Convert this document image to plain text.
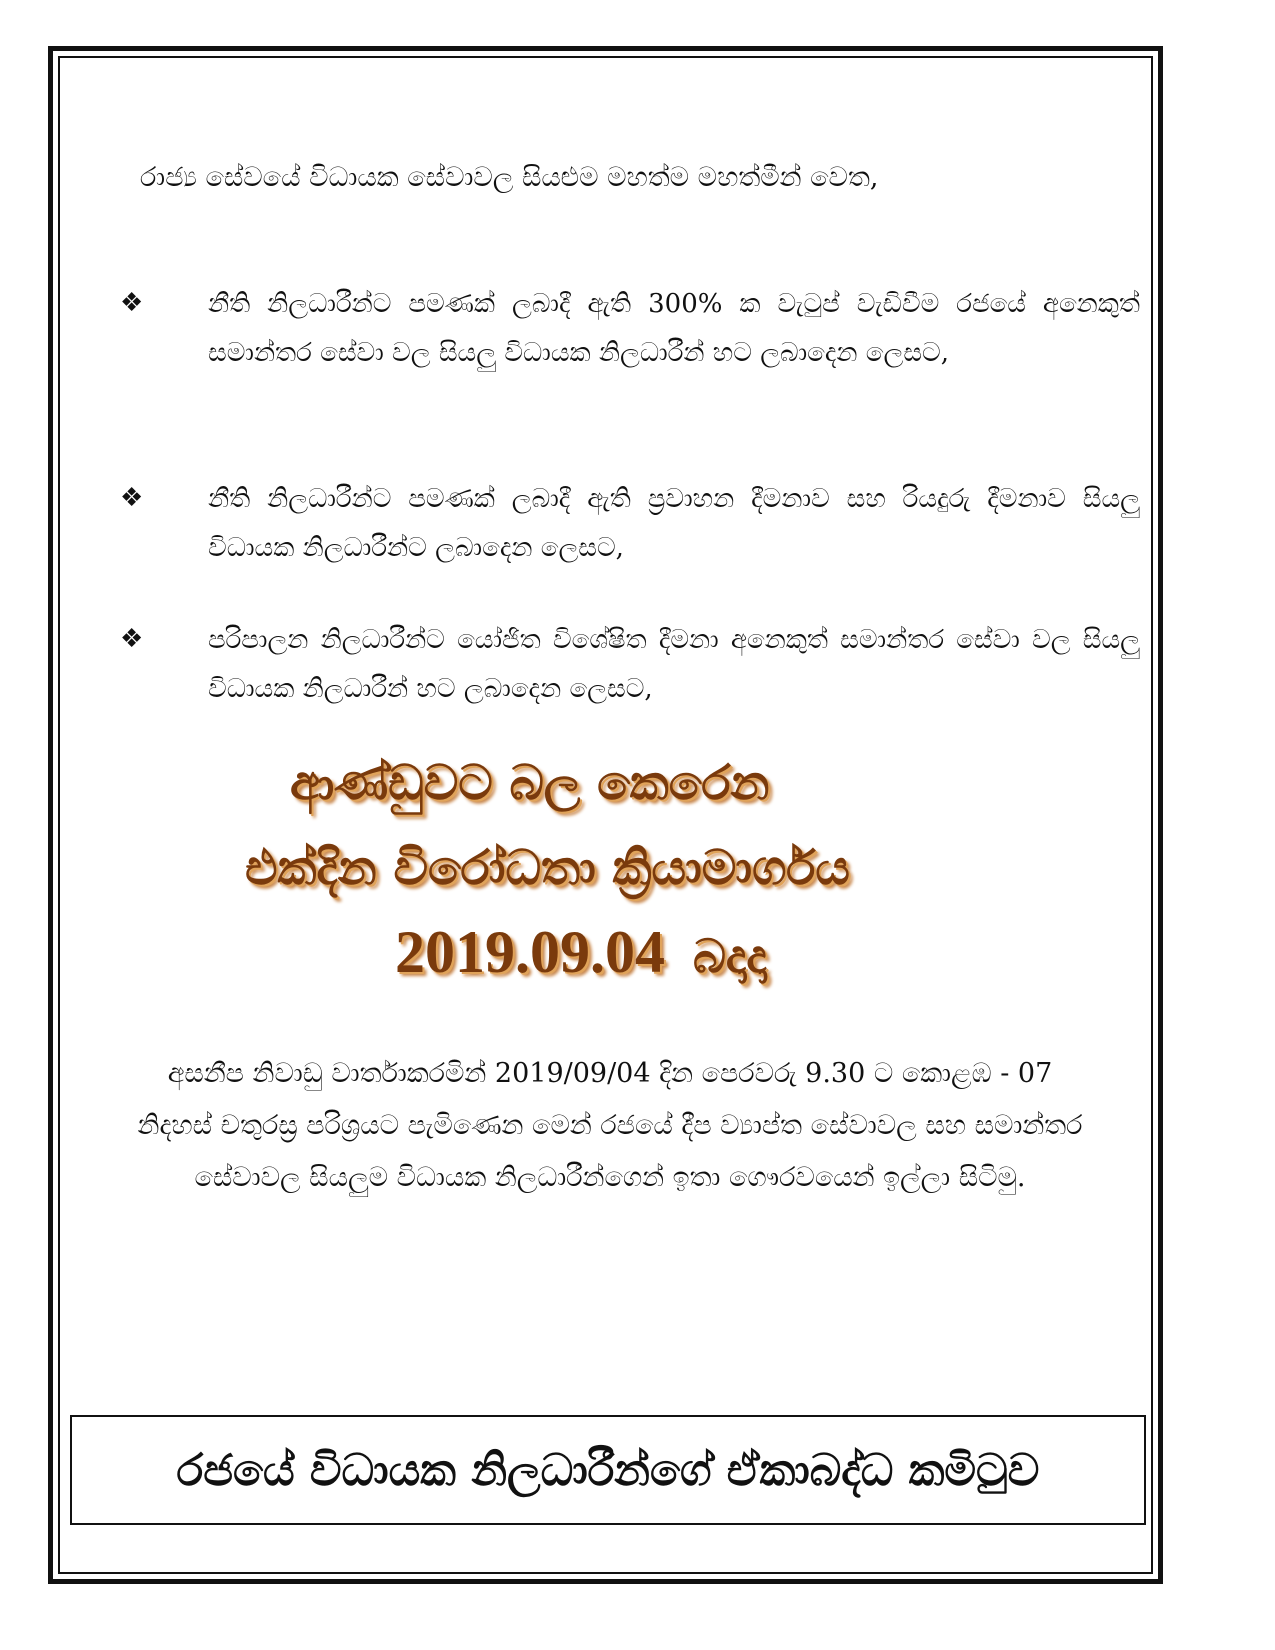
රාජ්‍ය සේවයේ විධායක සේවාවල සියළුම මහත්ම මහත්මීන් වෙත,

❖	නීති නිලධාරීන්ට පමණක් ලබාදී ඇති 300% ක වැටුප් වැඩිවීම රජයේ අනෙකුත් සමාන්තර සේවා වල සියලු විධායක නිලධාරීන් හට ලබාදෙන ලෙසට,

❖	නීති නිලධාරීන්ට පමණක් ලබාදී ඇති ප්‍රවාහන දීමනාව සහ රියදුරු දීමනාව සියලු විධායක නිලධාරීන්ට ලබාදෙන ලෙසට,

❖	පරිපාලන නිලධාරීන්ට යෝජිත විශේෂිත දීමනා අනෙකුත් සමාන්තර සේවා වල සියලු විධායක නිලධාරීන් හට ලබාදෙන ලෙසට,

ආණ්ඩුවට බල කෙරෙන
එක්දින විරෝධතා ක්‍රියාමාර්ගය
2019.09.04 බදාදා

අසනීප නිවාඩු වාර්තාකරමින් 2019/09/04 දින පෙරවරු 9.30 ට කොළඹ - 07 නිදහස් චතුරස්‍ර පරිශ්‍රයට පැමිණෙන මෙන් රජයේ දීප ව්‍යාප්ත සේවාවල සහ සමාන්තර සේවාවල සියලුම විධායක නිලධාරීන්ගෙන් ඉතා ගෞරවයෙන් ඉල්ලා සිටිමු.

රජයේ විධායක නිලධාරීන්ගේ ඒකාබද්ධ කමිටුව
